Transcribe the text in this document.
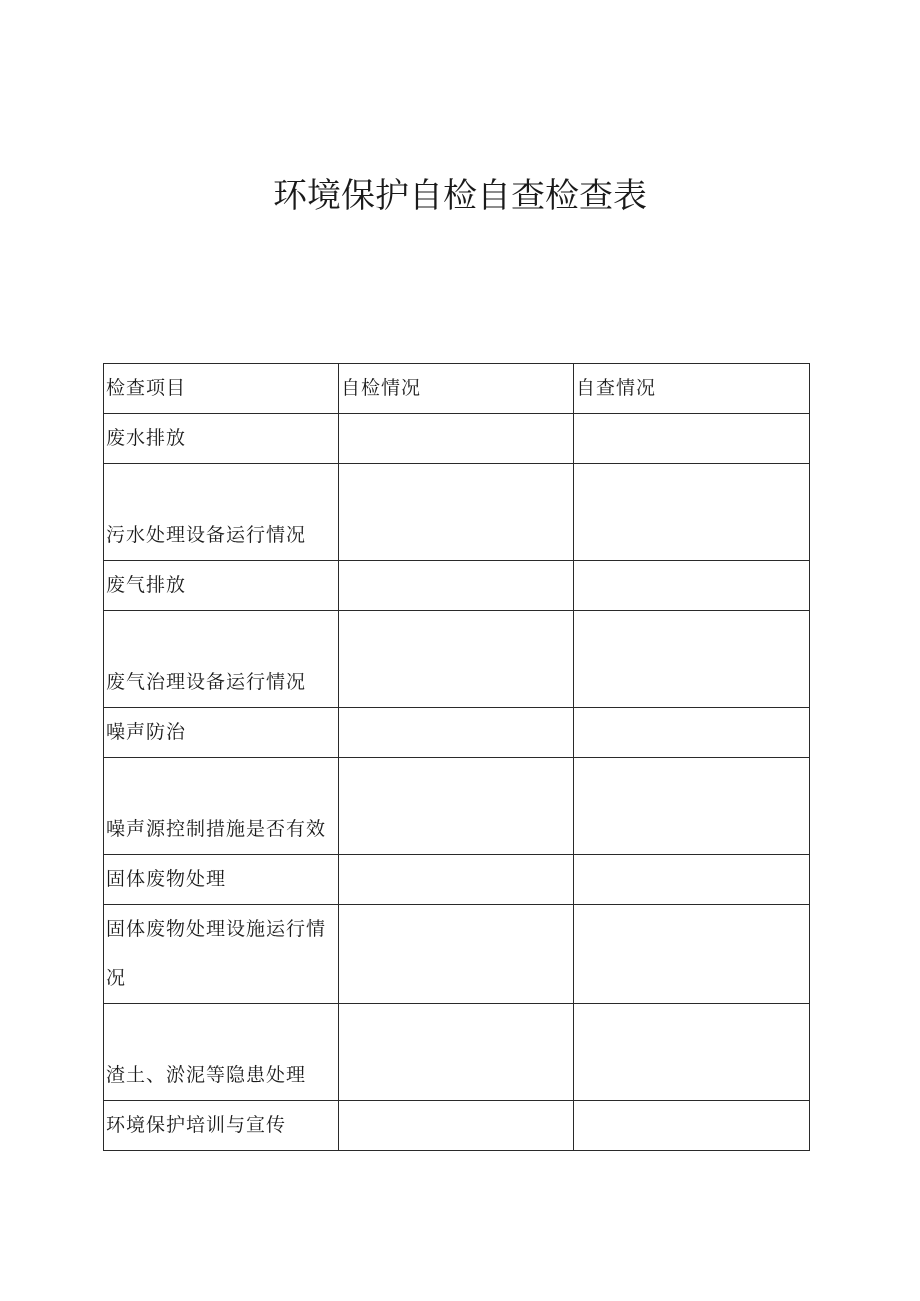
环境保护自检自查检查表
检查项目	自检情况	自查情况
废水排放		
污水处理设备运行情况		
废气排放		
废气治理设备运行情况		
噪声防治		
噪声源控制措施是否有效		
固体废物处理		
固体废物处理设施运行情况		
渣土、淤泥等隐患处理		
环境保护培训与宣传		
